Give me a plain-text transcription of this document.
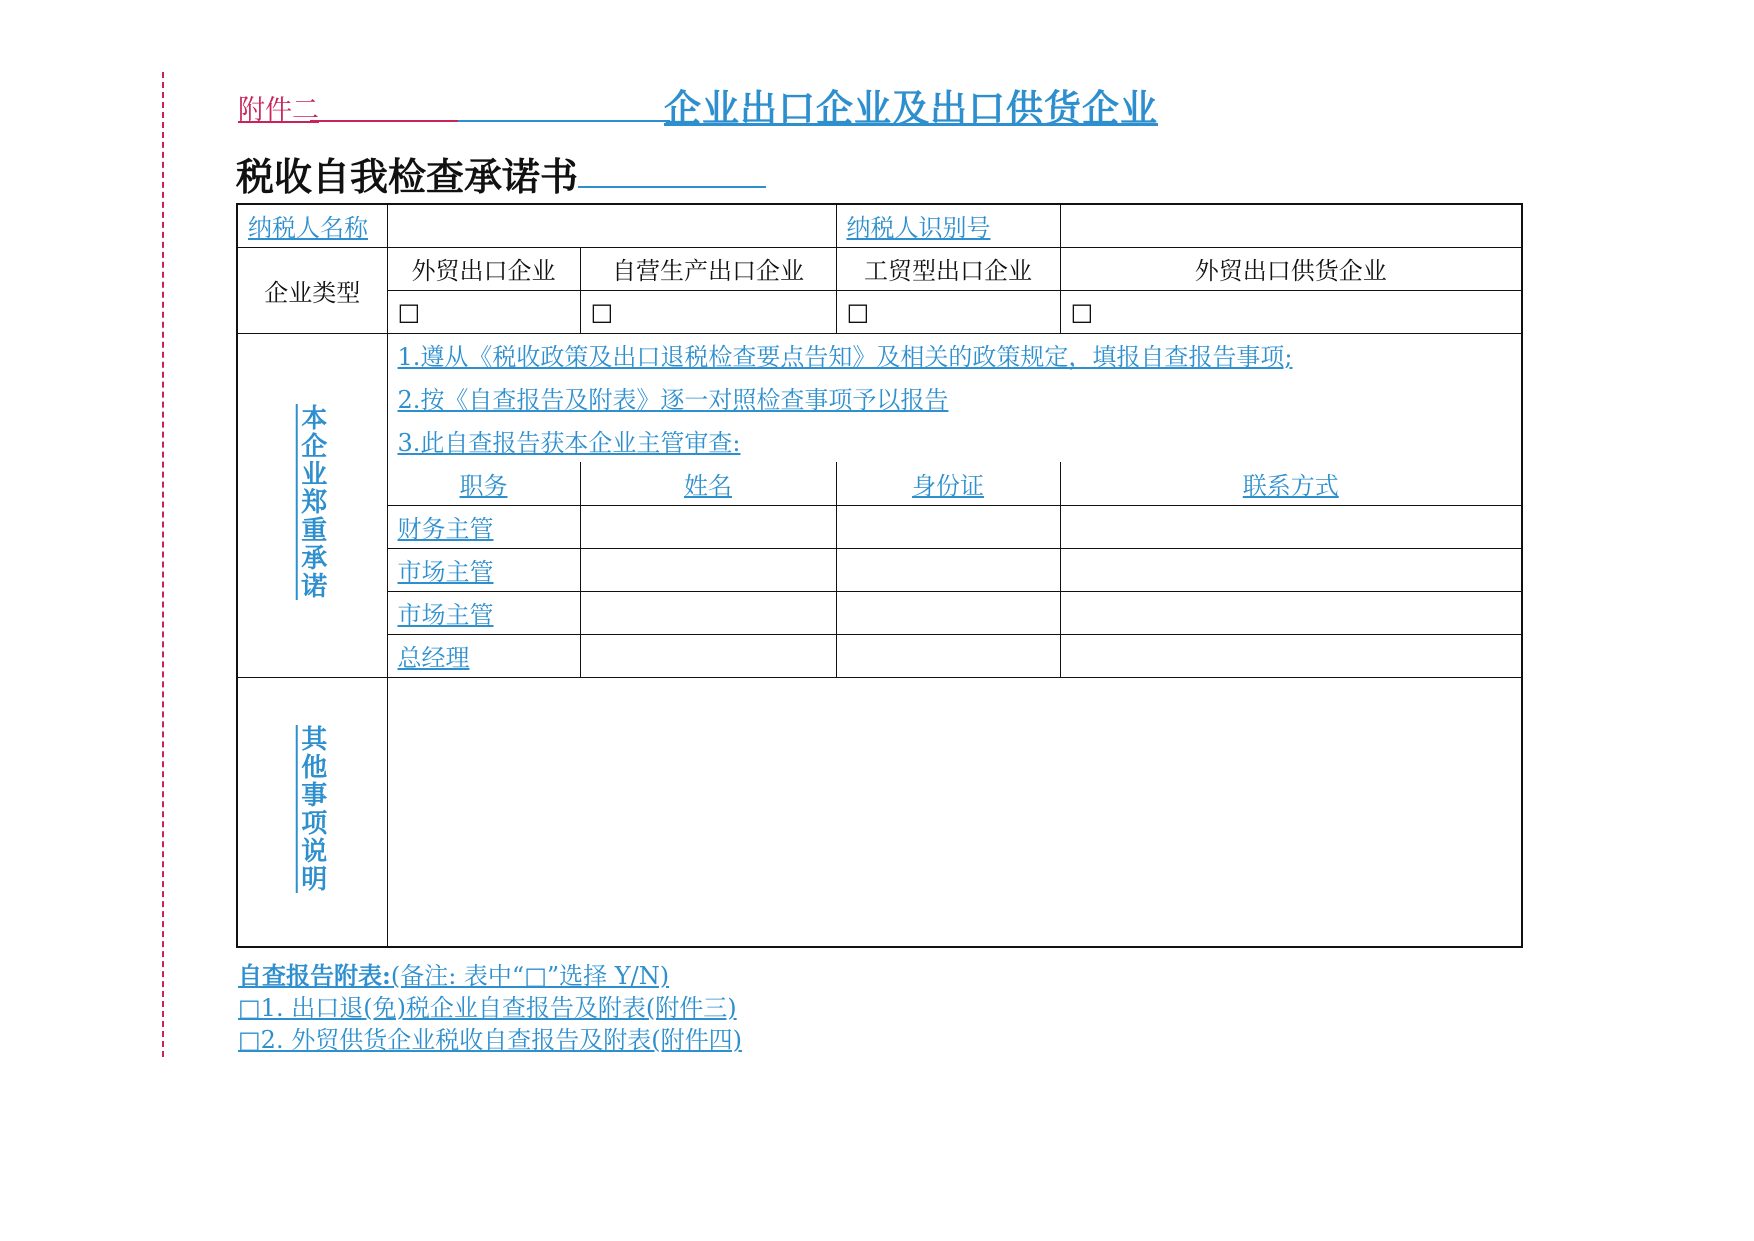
附件二	企业出口企业及出口供货企业
税收自我检查承诺书
纳税人名称			纳税人识别号	
企业类型	外贸出口企业	自营生产出口企业	工贸型出口企业	外贸出口供货企业
	□	□	□	□
本企业郑重承诺	1.遵从《税收政策及出口退税检查要点告知》及相关的政策规定，填报自查报告事项;			
	2.按《自查报告及附表》逐一对照检查事项予以报告			
	3.此自查报告获本企业主管审查:			
	职务	姓名	身份证	联系方式
	财务主管			
	市场主管			
	市场主管			
	总经理			
其他事项说明				
自查报告附表:(备注: 表中“□”选择 Y/N)
□1. 出口退(免)税企业自查报告及附表(附件三)
□2. 外贸供货企业税收自查报告及附表(附件四)
